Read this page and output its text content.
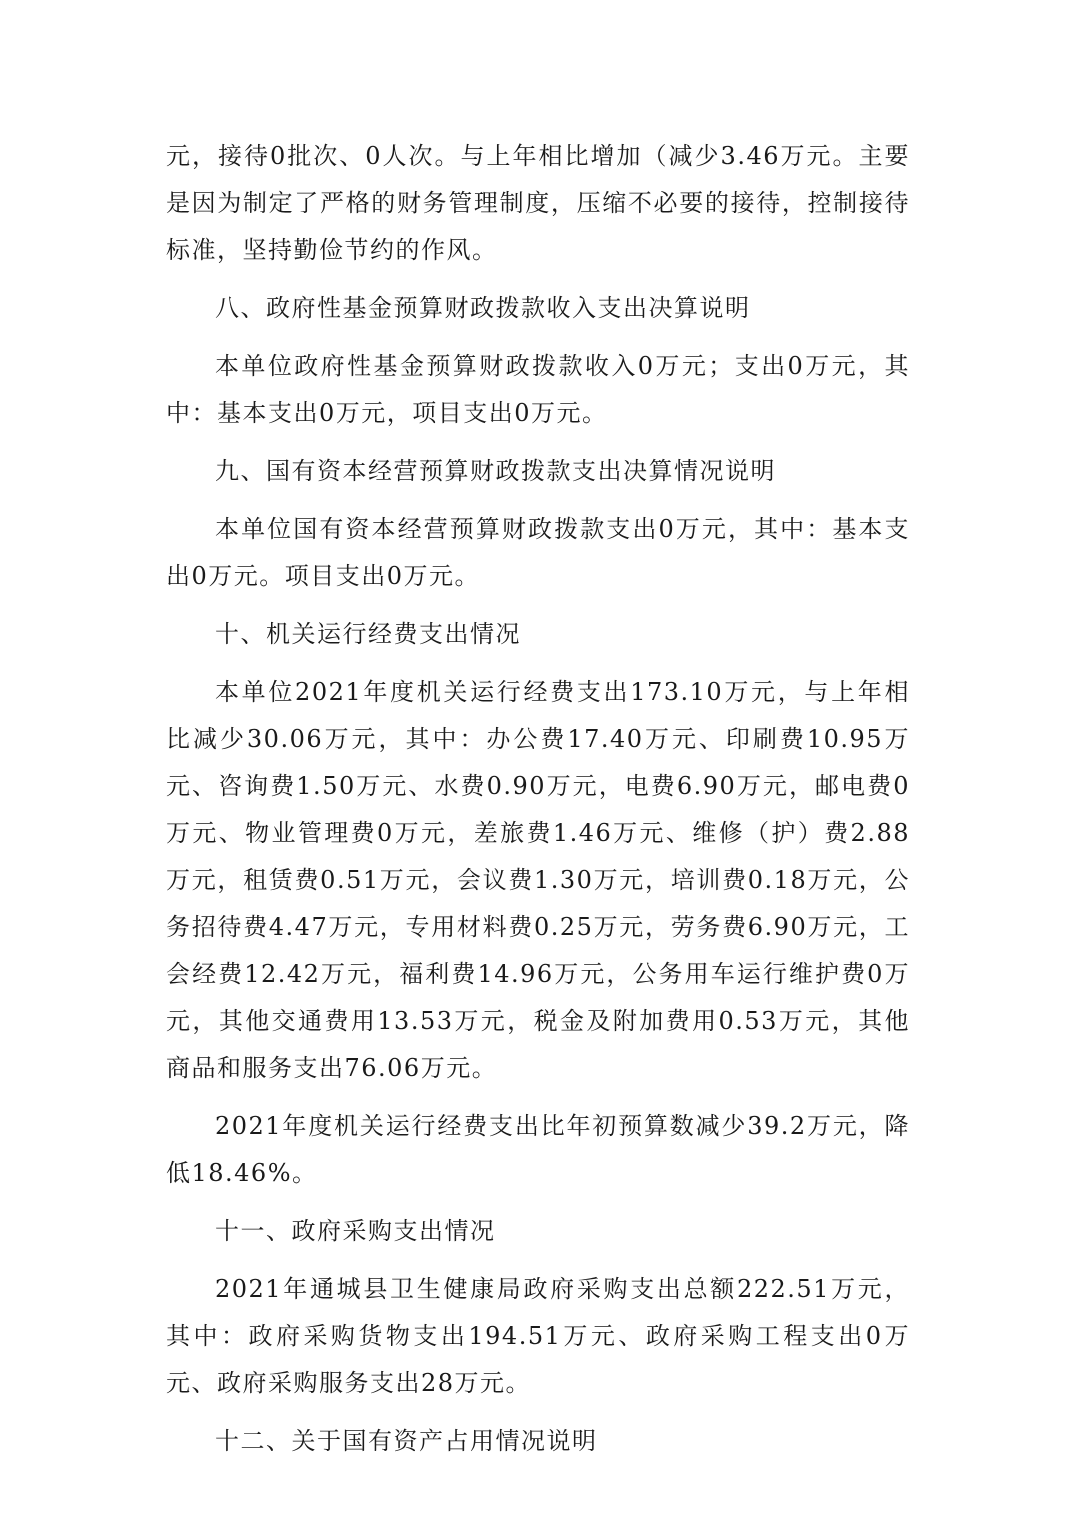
元，接待0批次、0人次。与上年相比增加（减少3.46万元。主要是因为制定了严格的财务管理制度，压缩不必要的接待，控制接待标准，坚持勤俭节约的作风。

八、政府性基金预算财政拨款收入支出决算说明

本单位政府性基金预算财政拨款收入0万元；支出0万元，其中：基本支出0万元，项目支出0万元。

九、国有资本经营预算财政拨款支出决算情况说明

本单位国有资本经营预算财政拨款支出0万元，其中：基本支出0万元。项目支出0万元。

十、机关运行经费支出情况

本单位2021年度机关运行经费支出173.10万元，与上年相比减少30.06万元，其中：办公费17.40万元、印刷费10.95万元、咨询费1.50万元、水费0.90万元，电费6.90万元，邮电费0万元、物业管理费0万元，差旅费1.46万元、维修（护）费2.88万元，租赁费0.51万元，会议费1.30万元，培训费0.18万元，公务招待费4.47万元，专用材料费0.25万元，劳务费6.90万元，工会经费12.42万元，福利费14.96万元，公务用车运行维护费0万元，其他交通费用13.53万元，税金及附加费用0.53万元，其他商品和服务支出76.06万元。

2021年度机关运行经费支出比年初预算数减少39.2万元，降低18.46%。

十一、政府采购支出情况

2021年通城县卫生健康局政府采购支出总额222.51万元，其中：政府采购货物支出194.51万元、政府采购工程支出0万元、政府采购服务支出28万元。

十二、关于国有资产占用情况说明
